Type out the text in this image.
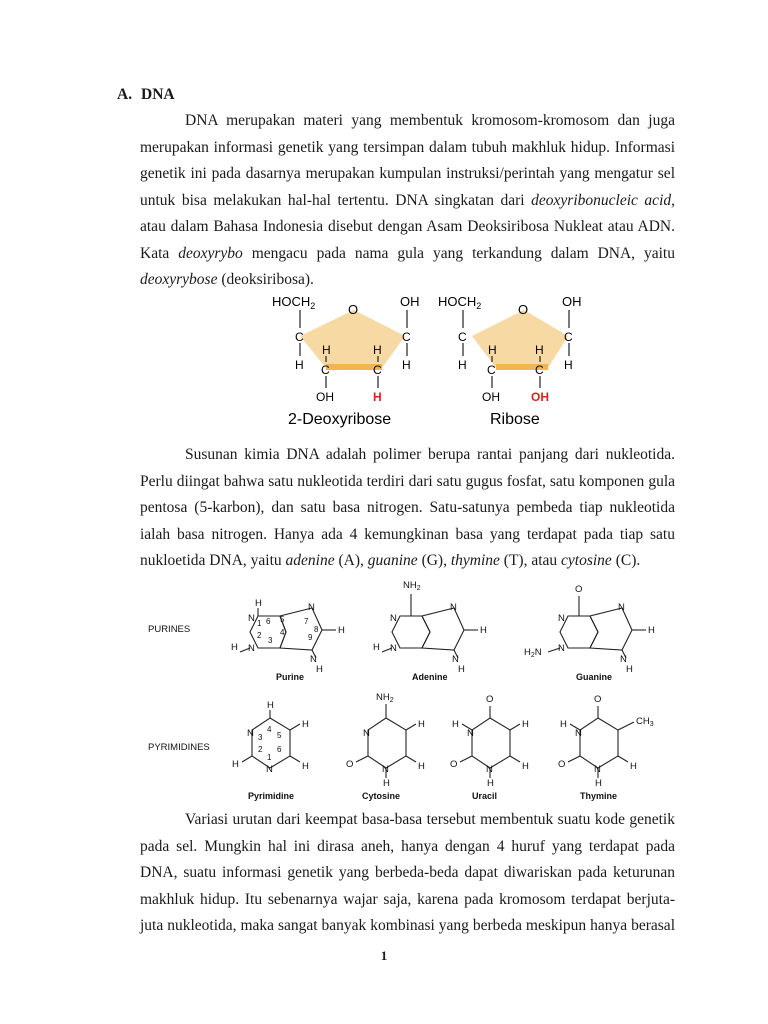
A. DNA
DNA merupakan materi yang membentuk kromosom-kromosom dan juga
merupakan informasi genetik yang tersimpan dalam tubuh makhluk hidup. Informasi
genetik ini pada dasarnya merupakan kumpulan instruksi/perintah yang mengatur sel
untuk bisa melakukan hal-hal tertentu. DNA singkatan dari deoxyribonucleic acid,
atau dalam Bahasa Indonesia disebut dengan Asam Deoksiribosa Nukleat atau ADN.
Kata deoxyrybo mengacu pada nama gula yang terkandung dalam DNA, yaitu
deoxyrybose (deoksiribosa).
$HOCH_2$
C
H
O
OH
C
H
H
C
OH
H
C
H
2-Deoxyribose
$HOCH_2$
C
H
O
OH
C
H
H
C
OH
H
C
OH
Ribose
Susunan kimia DNA adalah polimer berupa rantai panjang dari nukleotida.
Perlu diingat bahwa satu nukleotida terdiri dari satu gugus fosfat, satu komponen gula
pentosa (5-karbon), dan satu basa nitrogen. Satu-satunya pembeda tiap nukleotida
ialah basa nitrogen. Hanya ada 4 kemungkinan basa yang terdapat pada tiap satu
nukloetida DNA, yaitu adenine (A), guanine (G), thymine (T), atau cytosine (C).
PURINES
PYRIMIDINES
H
N
N
N
N
H
H
H
6 5
1
2
3
4
7
8
9
Purine
$NH_2$
N
N
N
N
H
H
H
Adenine
O
N
N
N
N
H
H
$H_2N$
Guanine
H
H
H
H
N
N
4
3 5
2
1
6
Pyrimidine
$NH_2$
N
N
H
H
O
H
Cytosine
O
H
N
N
H
H
O
H
Uracil
O
$CH_3$
H
N
N	H
O
H
Thymine
Variasi urutan dari keempat basa-basa tersebut membentuk suatu kode genetik
pada sel. Mungkin hal ini dirasa aneh, hanya dengan 4 huruf yang terdapat pada
DNA, suatu informasi genetik yang berbeda-beda dapat diwariskan pada keturunan
makhluk hidup. Itu sebenarnya wajar saja, karena pada kromosom terdapat berjuta-
juta nukleotida, maka sangat banyak kombinasi yang berbeda meskipun hanya berasal
1
